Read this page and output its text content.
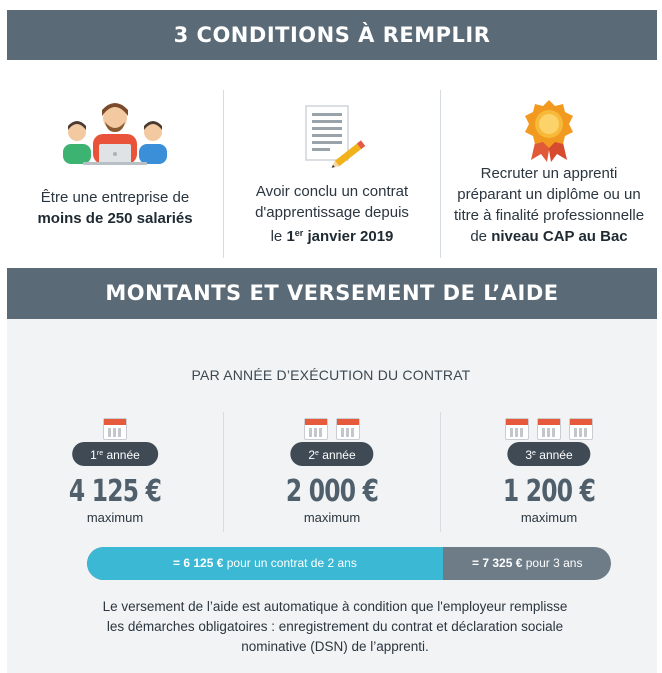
3 CONDITIONS À REMPLIR
Être une entreprise de
moins de 250 salariés
Avoir conclu un contrat
d'apprentissage depuis
le 1er janvier 2019
Recruter un apprenti
préparant un diplôme ou un
titre à finalité professionnelle
de niveau CAP au Bac
MONTANTS ET VERSEMENT DE L’AIDE
PAR ANNÉE D’EXÉCUTION DU CONTRAT
1re année
4 125 €
maximum
2e année
2 000 €
maximum
3e année
1 200 €
maximum
= 6 125 € pour un contrat de 2 ans	= 7 325 € pour 3 ans
Le versement de l’aide est automatique à condition que l'employeur remplisse
les démarches obligatoires : enregistrement du contrat et déclaration sociale
nominative (DSN) de l’apprenti.
